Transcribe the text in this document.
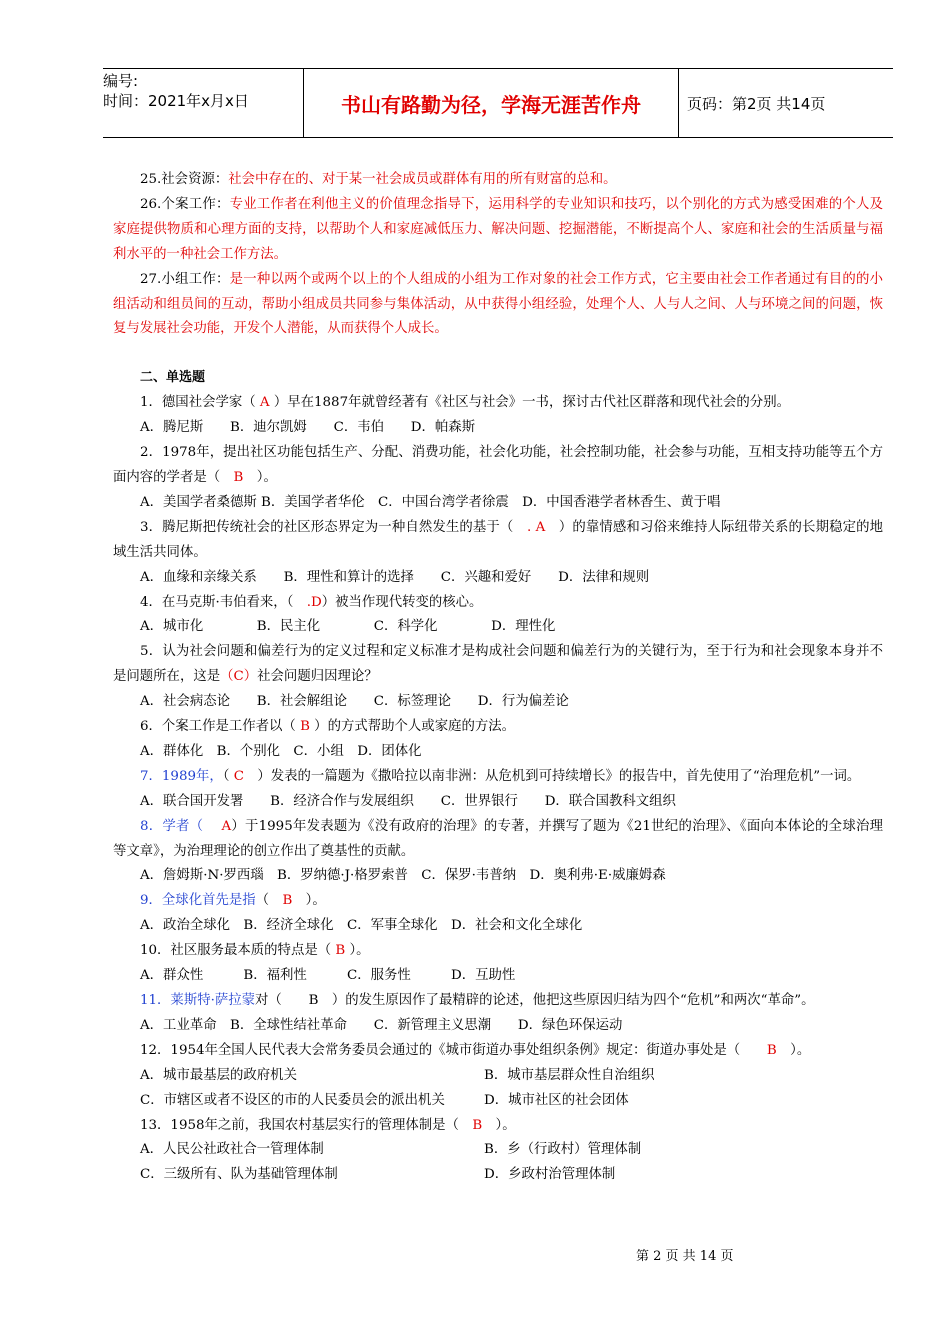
编号:
时间：2021年x月x日	书山有路勤为径，学海无涯苦作舟	页码：第2页 共14页

25.社会资源：社会中存在的、对于某一社会成员或群体有用的所有财富的总和。

26.个案工作：专业工作者在利他主义的价值理念指导下，运用科学的专业知识和技巧，以个别化的方式为感受困难的个人及家庭提供物质和心理方面的支持，以帮助个人和家庭减低压力、解决问题、挖掘潜能，不断提高个人、家庭和社会的生活质量与福利水平的一种社会工作方法。

27.小组工作：是一种以两个或两个以上的个人组成的小组为工作对象的社会工作方式，它主要由社会工作者通过有目的的小组活动和组员间的互动，帮助小组成员共同参与集体活动，从中获得小组经验，处理个人、人与人之间、人与环境之间的问题，恢复与发展社会功能，开发个人潜能，从而获得个人成长。

二、单选题

1．德国社会学家（ A ）早在1887年就曾经著有《社区与社会》一书，探讨古代社区群落和现代社会的分别。

A．腾尼斯　　B．迪尔凯姆　　C．韦伯　　D．帕森斯

2．1978年，提出社区功能包括生产、分配、消费功能，社会化功能，社会控制功能，社会参与功能，互相支持功能等五个方面内容的学者是（　B　）。

A．美国学者桑德斯 B．美国学者华伦　C．中国台湾学者徐震　D．中国香港学者林香生、黄于唱

3．腾尼斯把传统社会的社区形态界定为一种自然发生的基于（　. A　）的靠情感和习俗来维持人际纽带关系的长期稳定的地域生活共同体。

A．血缘和亲缘关系　　B．理性和算计的选择　　C．兴趣和爱好　　D．法律和规则

4．在马克斯·韦伯看来，（　.D）被当作现代转变的核心。

A．城市化　　　　B．民主化　　　　C．科学化　　　　D．理性化

5．认为社会问题和偏差行为的定义过程和定义标准才是构成社会问题和偏差行为的关键行为，至于行为和社会现象本身并不是问题所在，这是（C）社会问题归因理论？

A．社会病态论　　B．社会解组论　　C．标签理论　　D．行为偏差论

6．个案工作是工作者以（ B ）的方式帮助个人或家庭的方法。

A．群体化　B．个别化　C．小组　D．团体化

7．1989年，（ C　）发表的一篇题为《撒哈拉以南非洲：从危机到可持续增长》的报告中，首先使用了“治理危机”一词。

A．联合国开发署　　B．经济合作与发展组织　　C．世界银行　　D．联合国教科文组织

8．学者（　 A）于1995年发表题为《没有政府的治理》的专著，并撰写了题为《21世纪的治理》、《面向本体论的全球治理等文章》，为治理理论的创立作出了奠基性的贡献。

A．詹姆斯·N·罗西瑙　B．罗纳德·J·格罗索普　C．保罗·韦普纳　D．奥利弗·E·威廉姆森

9．全球化首先是指（　B　）。

A．政治全球化　B．经济全球化　C．军事全球化　D．社会和文化全球化

10．社区服务最本质的特点是（ B ）。

A．群众性　　　B．福利性　　　C．服务性　　　D．互助性

11．莱斯特·萨拉蒙对（　　B　）的发生原因作了最精辟的论述，他把这些原因归结为四个“危机”和两次“革命”。

A．工业革命　B．全球性结社革命　　C．新管理主义思潮　　D．绿色环保运动

12．1954年全国人民代表大会常务委员会通过的《城市街道办事处组织条例》规定：街道办事处是（　　B　）。

A．城市最基层的政府机关	B．城市基层群众性自治组织
C．市辖区或者不设区的市的人民委员会的派出机关	D．城市社区的社会团体

13．1958年之前，我国农村基层实行的管理体制是（　B　）。

A．人民公社政社合一管理体制	B．乡（行政村）管理体制
C．三级所有、队为基础管理体制	D．乡政村治管理体制
第 2 页 共 14 页
